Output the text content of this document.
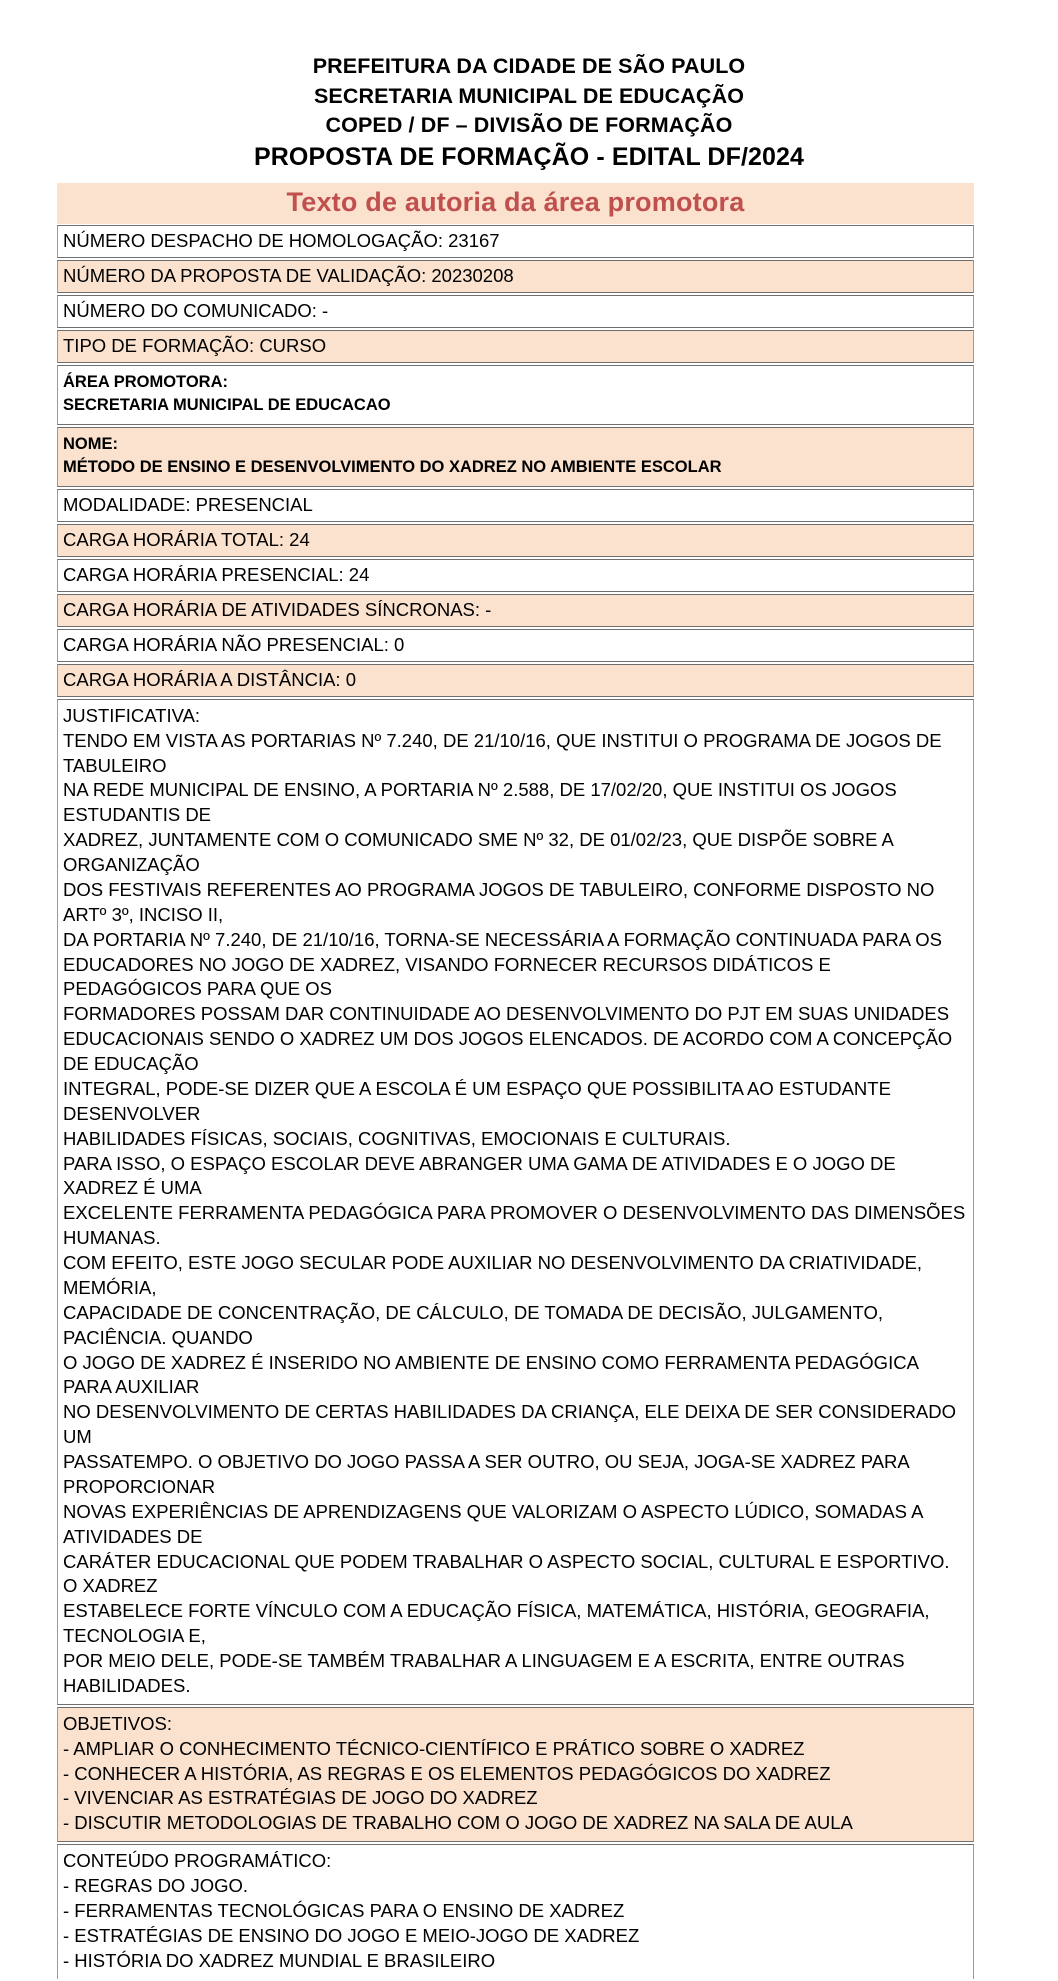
PREFEITURA DA CIDADE DE SÃO PAULO
SECRETARIA MUNICIPAL DE EDUCAÇÃO
COPED / DF – DIVISÃO DE FORMAÇÃO
PROPOSTA DE FORMAÇÃO - EDITAL DF/2024
Texto de autoria da área promotora
NÚMERO DESPACHO DE HOMOLOGAÇÃO: 23167
NÚMERO DA PROPOSTA DE VALIDAÇÃO: 20230208
NÚMERO DO COMUNICADO: -
TIPO DE FORMAÇÃO: CURSO
ÁREA PROMOTORA:
SECRETARIA MUNICIPAL DE EDUCACAO
NOME:
MÉTODO DE ENSINO E DESENVOLVIMENTO DO XADREZ NO AMBIENTE ESCOLAR
MODALIDADE: PRESENCIAL
CARGA HORÁRIA TOTAL: 24
CARGA HORÁRIA PRESENCIAL: 24
CARGA HORÁRIA DE ATIVIDADES SÍNCRONAS: -
CARGA HORÁRIA NÃO PRESENCIAL: 0
CARGA HORÁRIA A DISTÂNCIA: 0
JUSTIFICATIVA:
TENDO EM VISTA AS PORTARIAS Nº 7.240, DE 21/10/16, QUE INSTITUI O PROGRAMA DE JOGOS DE TABULEIRO
NA REDE MUNICIPAL DE ENSINO, A PORTARIA Nº 2.588, DE 17/02/20, QUE INSTITUI OS JOGOS ESTUDANTIS DE
XADREZ, JUNTAMENTE COM O COMUNICADO SME Nº 32, DE 01/02/23, QUE DISPÕE SOBRE A ORGANIZAÇÃO
DOS FESTIVAIS REFERENTES AO PROGRAMA JOGOS DE TABULEIRO, CONFORME DISPOSTO NO ARTº 3º, INCISO II,
DA PORTARIA Nº 7.240, DE 21/10/16, TORNA-SE NECESSÁRIA A FORMAÇÃO CONTINUADA PARA OS
EDUCADORES NO JOGO DE XADREZ, VISANDO FORNECER RECURSOS DIDÁTICOS E PEDAGÓGICOS PARA QUE OS
FORMADORES POSSAM DAR CONTINUIDADE AO DESENVOLVIMENTO DO PJT EM SUAS UNIDADES
EDUCACIONAIS SENDO O XADREZ UM DOS JOGOS ELENCADOS. DE ACORDO COM A CONCEPÇÃO DE EDUCAÇÃO
INTEGRAL, PODE-SE DIZER QUE A ESCOLA É UM ESPAÇO QUE POSSIBILITA AO ESTUDANTE DESENVOLVER
HABILIDADES FÍSICAS, SOCIAIS, COGNITIVAS, EMOCIONAIS E CULTURAIS.
PARA ISSO, O ESPAÇO ESCOLAR DEVE ABRANGER UMA GAMA DE ATIVIDADES E O JOGO DE XADREZ É UMA
EXCELENTE FERRAMENTA PEDAGÓGICA PARA PROMOVER O DESENVOLVIMENTO DAS DIMENSÕES HUMANAS.
COM EFEITO, ESTE JOGO SECULAR PODE AUXILIAR NO DESENVOLVIMENTO DA CRIATIVIDADE, MEMÓRIA,
CAPACIDADE DE CONCENTRAÇÃO, DE CÁLCULO, DE TOMADA DE DECISÃO, JULGAMENTO, PACIÊNCIA. QUANDO
O JOGO DE XADREZ É INSERIDO NO AMBIENTE DE ENSINO COMO FERRAMENTA PEDAGÓGICA PARA AUXILIAR
NO DESENVOLVIMENTO DE CERTAS HABILIDADES DA CRIANÇA, ELE DEIXA DE SER CONSIDERADO UM
PASSATEMPO. O OBJETIVO DO JOGO PASSA A SER OUTRO, OU SEJA, JOGA-SE XADREZ PARA PROPORCIONAR
NOVAS EXPERIÊNCIAS DE APRENDIZAGENS QUE VALORIZAM O ASPECTO LÚDICO, SOMADAS A ATIVIDADES DE
CARÁTER EDUCACIONAL QUE PODEM TRABALHAR O ASPECTO SOCIAL, CULTURAL E ESPORTIVO. O XADREZ
ESTABELECE FORTE VÍNCULO COM A EDUCAÇÃO FÍSICA, MATEMÁTICA, HISTÓRIA, GEOGRAFIA, TECNOLOGIA E,
POR MEIO DELE, PODE-SE TAMBÉM TRABALHAR A LINGUAGEM E A ESCRITA, ENTRE OUTRAS HABILIDADES.
OBJETIVOS:
- AMPLIAR O CONHECIMENTO TÉCNICO-CIENTÍFICO E PRÁTICO SOBRE O XADREZ
- CONHECER A HISTÓRIA, AS REGRAS E OS ELEMENTOS PEDAGÓGICOS DO XADREZ
- VIVENCIAR AS ESTRATÉGIAS DE JOGO DO XADREZ
- DISCUTIR METODOLOGIAS DE TRABALHO COM O JOGO DE XADREZ NA SALA DE AULA
CONTEÚDO PROGRAMÁTICO:
- REGRAS DO JOGO.
- FERRAMENTAS TECNOLÓGICAS PARA O ENSINO DE XADREZ
- ESTRATÉGIAS DE ENSINO DO JOGO E MEIO-JOGO DE XADREZ
- HISTÓRIA DO XADREZ MUNDIAL E BRASILEIRO
